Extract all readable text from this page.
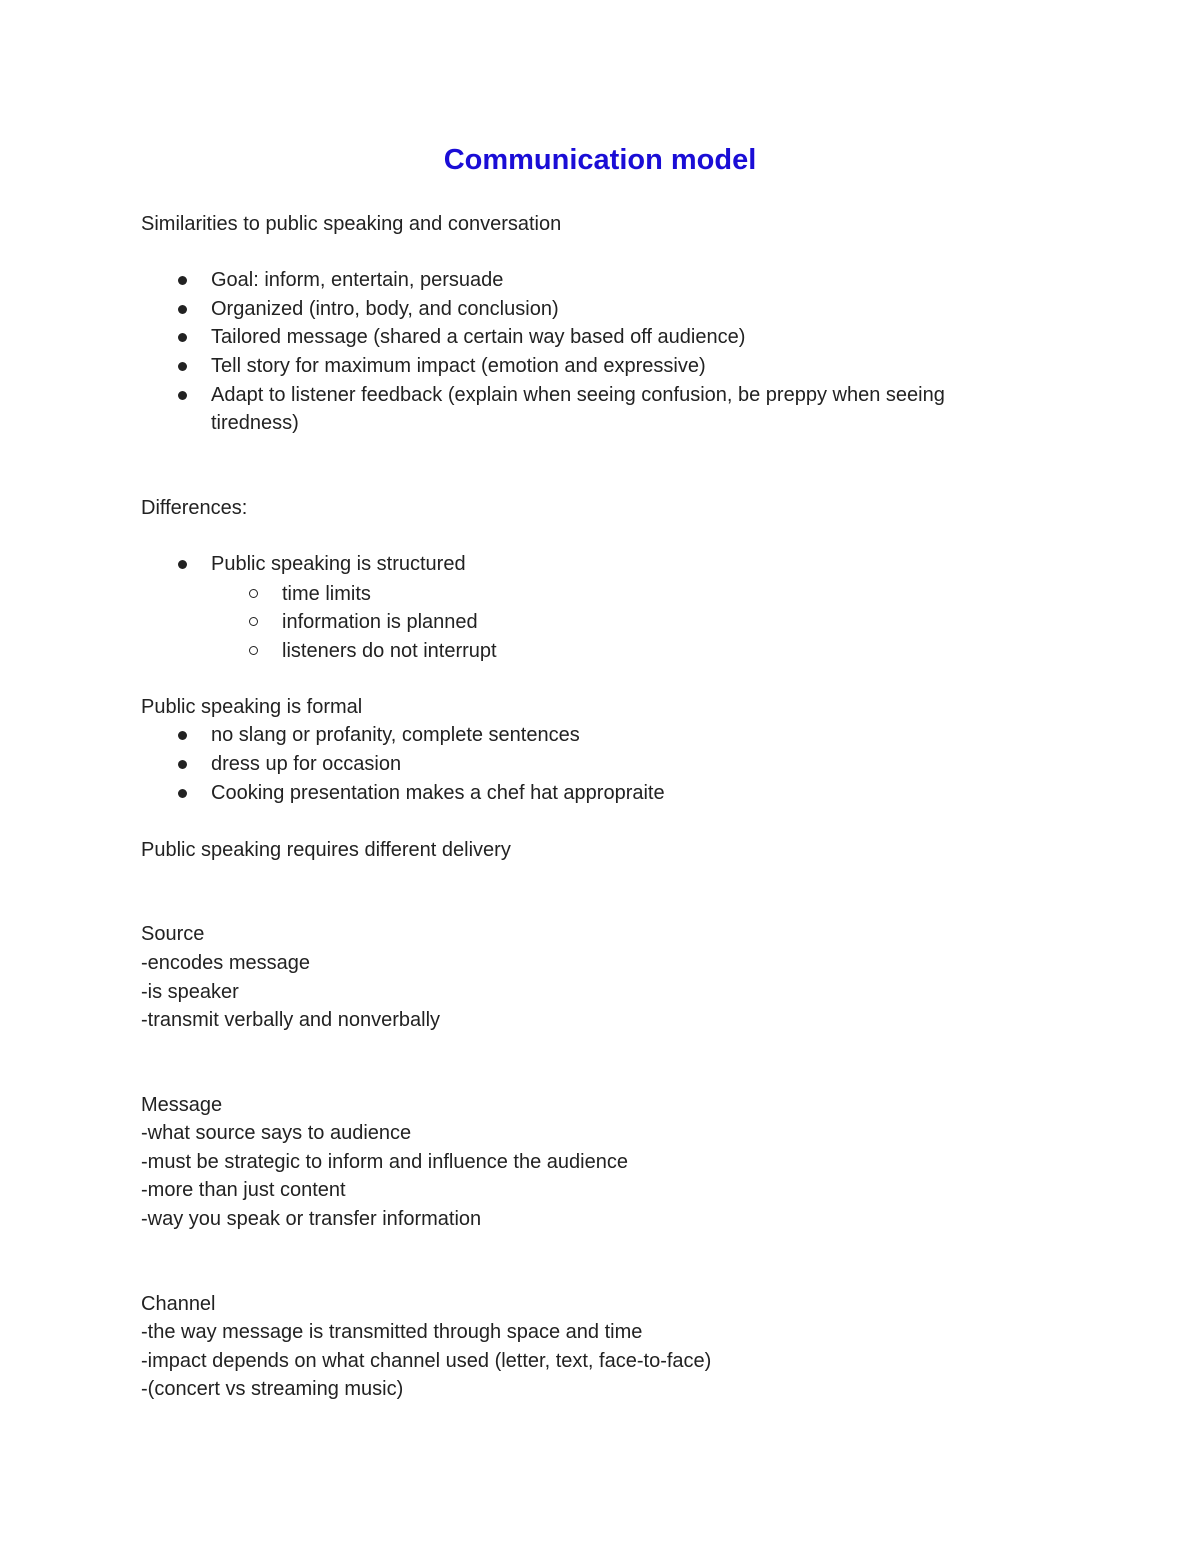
Communication model
Similarities to public speaking and conversation
Goal: inform, entertain, persuade
Organized (intro, body, and conclusion)
Tailored message (shared a certain way based off audience)
Tell story for maximum impact (emotion and expressive)
Adapt to listener feedback (explain when seeing confusion, be preppy when seeing
tiredness)
Differences:
Public speaking is structured
time limits
information is planned
listeners do not interrupt
Public speaking is formal
no slang or profanity, complete sentences
dress up for occasion
Cooking presentation makes a chef hat appropraite
Public speaking requires different delivery
Source
-encodes message
-is speaker
-transmit verbally and nonverbally
Message
-what source says to audience
-must be strategic to inform and influence the audience
-more than just content
-way you speak or transfer information
Channel
-the way message is transmitted through space and time
-impact depends on what channel used (letter, text, face-to-face)
-(concert vs streaming music)
